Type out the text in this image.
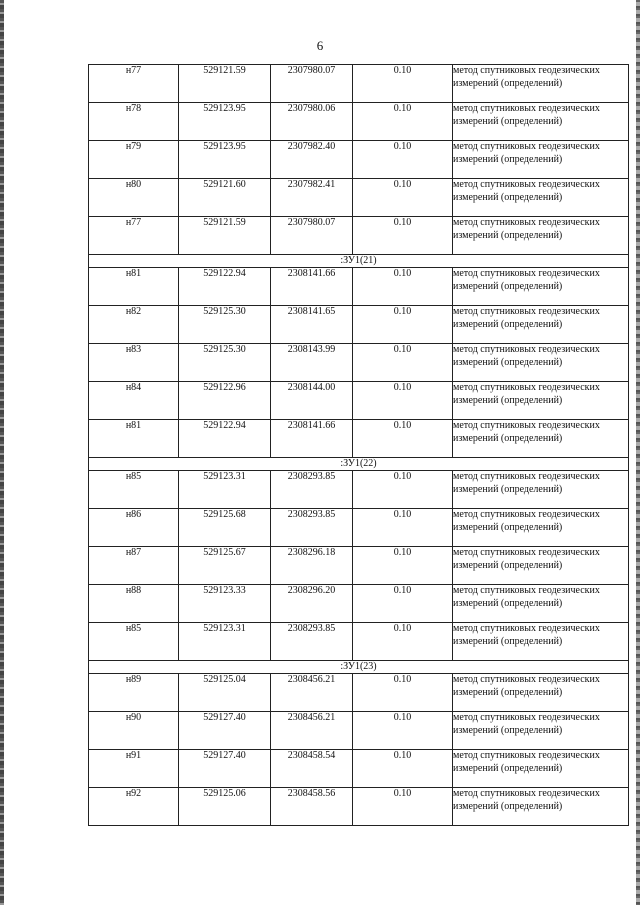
6
н77	529121.59	2307980.07	0.10	метод спутниковых геодезических измерений (определений)

н78	529123.95	2307980.06	0.10	метод спутниковых геодезических измерений (определений)

н79	529123.95	2307982.40	0.10	метод спутниковых геодезических измерений (определений)

н80	529121.60	2307982.41	0.10	метод спутниковых геодезических измерений (определений)

н77	529121.59	2307980.07	0.10	метод спутниковых геодезических измерений (определений)

:ЗУ1(21)				
н81	529122.94	2308141.66	0.10	метод спутниковых геодезических измерений (определений)

н82	529125.30	2308141.65	0.10	метод спутниковых геодезических измерений (определений)

н83	529125.30	2308143.99	0.10	метод спутниковых геодезических измерений (определений)

н84	529122.96	2308144.00	0.10	метод спутниковых геодезических измерений (определений)

н81	529122.94	2308141.66	0.10	метод спутниковых геодезических измерений (определений)

:ЗУ1(22)				
н85	529123.31	2308293.85	0.10	метод спутниковых геодезических измерений (определений)

н86	529125.68	2308293.85	0.10	метод спутниковых геодезических измерений (определений)

н87	529125.67	2308296.18	0.10	метод спутниковых геодезических измерений (определений)

н88	529123.33	2308296.20	0.10	метод спутниковых геодезических измерений (определений)

н85	529123.31	2308293.85	0.10	метод спутниковых геодезических измерений (определений)

:ЗУ1(23)				
н89	529125.04	2308456.21	0.10	метод спутниковых геодезических измерений (определений)

н90	529127.40	2308456.21	0.10	метод спутниковых геодезических измерений (определений)

н91	529127.40	2308458.54	0.10	метод спутниковых геодезических измерений (определений)

н92	529125.06	2308458.56	0.10	метод спутниковых геодезических измерений (определений)
